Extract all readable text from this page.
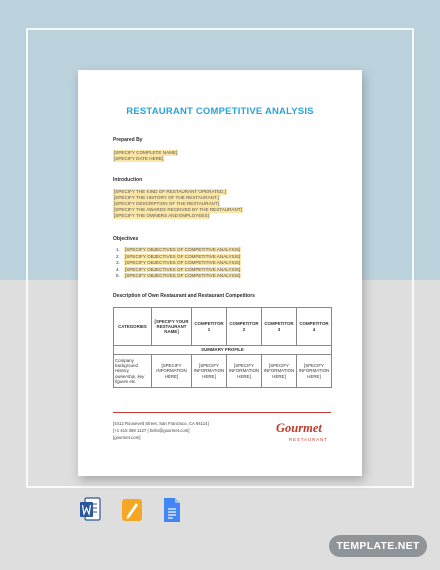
RESTAURANT COMPETITIVE ANALYSIS
Prepared By
[SPECIFY COMPLETE NAME]
[SPECIFY DATE HERE]
Introduction
[SPECIFY THE KIND OF RESTAURANT OPERATED.]
[SPECIFY THE HISTORY OF THE RESTAURANT.]
[SPECIFY DESCRIPTION OF THE RESTAURANT]
[SPECIFY THE AWARDS RECEIVED BY THE RESTAURANT]
[SPECIFY THE OWNERS AND EMPLOYEES]
Objectives
1. [SPECIFY OBJECTIVES OF COMPETITIVE ANALYSIS]
2. [SPECIFY OBJECTIVES OF COMPETITIVE ANALYSIS]
3. [SPECIFY OBJECTIVES OF COMPETITIVE ANALYSIS]
4. [SPECIFY OBJECTIVES OF COMPETITIVE ANALYSIS]
5. [SPECIFY OBJECTIVES OF COMPETITIVE ANALYSIS]
Description of Own Restaurant and Restaurant Competitors
CATEGORIES	[SPECIFY YOUR RESTAURANT NAME]	COMPETITOR 1	COMPETITOR 2	COMPETITOR 3	COMPETITOR 4
SUMMARY PROFILE					

Company background
History, ownership, key figures etc.	[SPECIFY INFORMATION HERE]	[SPECIFY INFORMATION HERE]	[SPECIFY INFORMATION HERE]	[SPECIFY INFORMATION HERE]	[SPECIFY INFORMATION HERE]
[4412 Roosevelt Street, San Francisco, CA 94114]
[+1 415 359 1127 | hello@gourmet.com]
[gourmet.com]
Gourmet
RESTAURANT
TEMPLATE.NET
